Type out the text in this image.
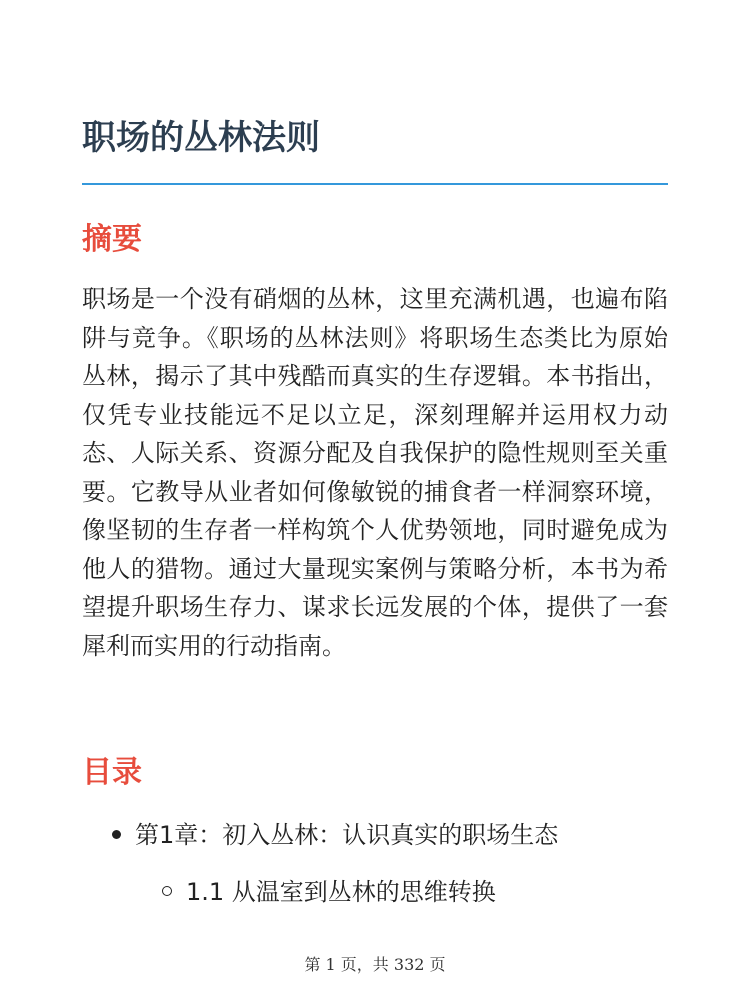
职场的丛林法则
摘要

职场是一个没有硝烟的丛林，这里充满机遇，也遍布陷阱与竞争。《职场的丛林法则》将职场生态类比为原始丛林，揭示了其中残酷而真实的生存逻辑。本书指出，仅凭专业技能远不足以立足，深刻理解并运用权力动态、人际关系、资源分配及自我保护的隐性规则至关重要。它教导从业者如何像敏锐的捕食者一样洞察环境，像坚韧的生存者一样构筑个人优势领地，同时避免成为他人的猎物。通过大量现实案例与策略分析，本书为希望提升职场生存力、谋求长远发展的个体，提供了一套犀利而实用的行动指南。

目录
第1章：初入丛林：认识真实的职场生态
1.1 从温室到丛林的思维转换
第 1 页，共 332 页
